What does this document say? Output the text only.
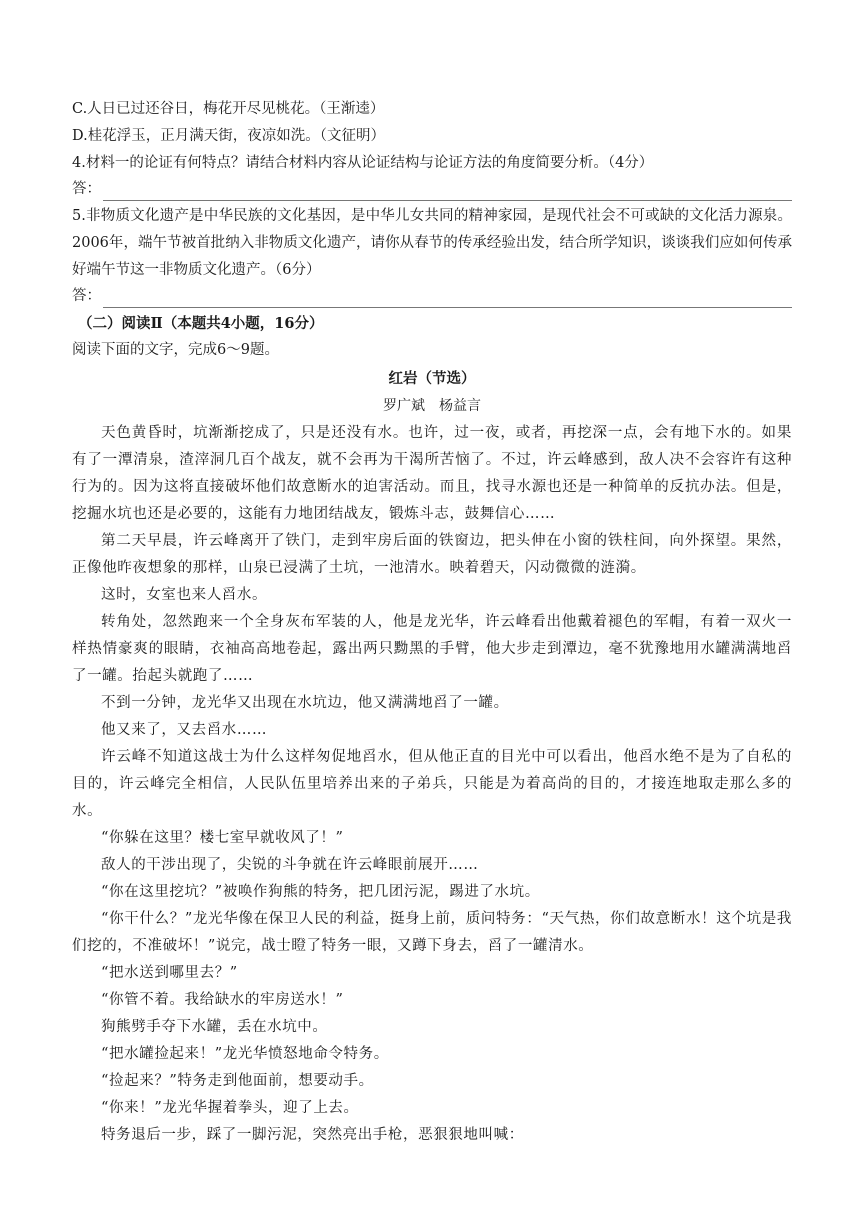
C.人日已过还谷日，梅花开尽见桃花。（王渐逵）
D.桂花浮玉，正月满天街，夜凉如洗。（文征明）
4.材料一的论证有何特点？请结合材料内容从论证结构与论证方法的角度简要分析。（4分）
答：
5.非物质文化遗产是中华民族的文化基因，是中华儿女共同的精神家园，是现代社会不可或缺的文化活力源泉。2006年，端午节被首批纳入非物质文化遗产，请你从春节的传承经验出发，结合所学知识，谈谈我们应如何传承好端午节这一非物质文化遗产。（6分）
答：
（二）阅读Ⅱ（本题共4小题，16分）
阅读下面的文字，完成6～9题。
红岩（节选）
罗广斌　杨益言
天色黄昏时，坑渐渐挖成了，只是还没有水。也许，过一夜，或者，再挖深一点，会有地下水的。如果有了一潭清泉，渣滓洞几百个战友，就不会再为干渴所苦恼了。不过，许云峰感到，敌人决不会容许有这种行为的。因为这将直接破坏他们故意断水的迫害活动。而且，找寻水源也还是一种简单的反抗办法。但是，挖掘水坑也还是必要的，这能有力地团结战友，锻炼斗志，鼓舞信心……
第二天早晨，许云峰离开了铁门，走到牢房后面的铁窗边，把头伸在小窗的铁柱间，向外探望。果然，正像他昨夜想象的那样，山泉已浸满了土坑，一池清水。映着碧天，闪动微微的涟漪。
这时，女室也来人舀水。
转角处，忽然跑来一个全身灰布军装的人，他是龙光华，许云峰看出他戴着褪色的军帽，有着一双火一样热情豪爽的眼睛，衣袖高高地卷起，露出两只黝黑的手臂，他大步走到潭边，毫不犹豫地用水罐满满地舀了一罐。抬起头就跑了……
不到一分钟，龙光华又出现在水坑边，他又满满地舀了一罐。
他又来了，又去舀水……
许云峰不知道这战士为什么这样匆促地舀水，但从他正直的目光中可以看出，他舀水绝不是为了自私的目的，许云峰完全相信，人民队伍里培养出来的子弟兵，只能是为着高尚的目的，才接连地取走那么多的水。
“你躲在这里？楼七室早就收风了！”
敌人的干涉出现了，尖锐的斗争就在许云峰眼前展开……
“你在这里挖坑？”被唤作狗熊的特务，把几团污泥，踢进了水坑。
“你干什么？”龙光华像在保卫人民的利益，挺身上前，质问特务：“天气热，你们故意断水！这个坑是我们挖的，不准破坏！”说完，战士瞪了特务一眼，又蹲下身去，舀了一罐清水。
“把水送到哪里去？”
“你管不着。我给缺水的牢房送水！”
狗熊劈手夺下水罐，丢在水坑中。
“把水罐捡起来！”龙光华愤怒地命令特务。
“捡起来？”特务走到他面前，想要动手。
“你来！”龙光华握着拳头，迎了上去。
特务退后一步，踩了一脚污泥，突然亮出手枪，恶狠狠地叫喊：
